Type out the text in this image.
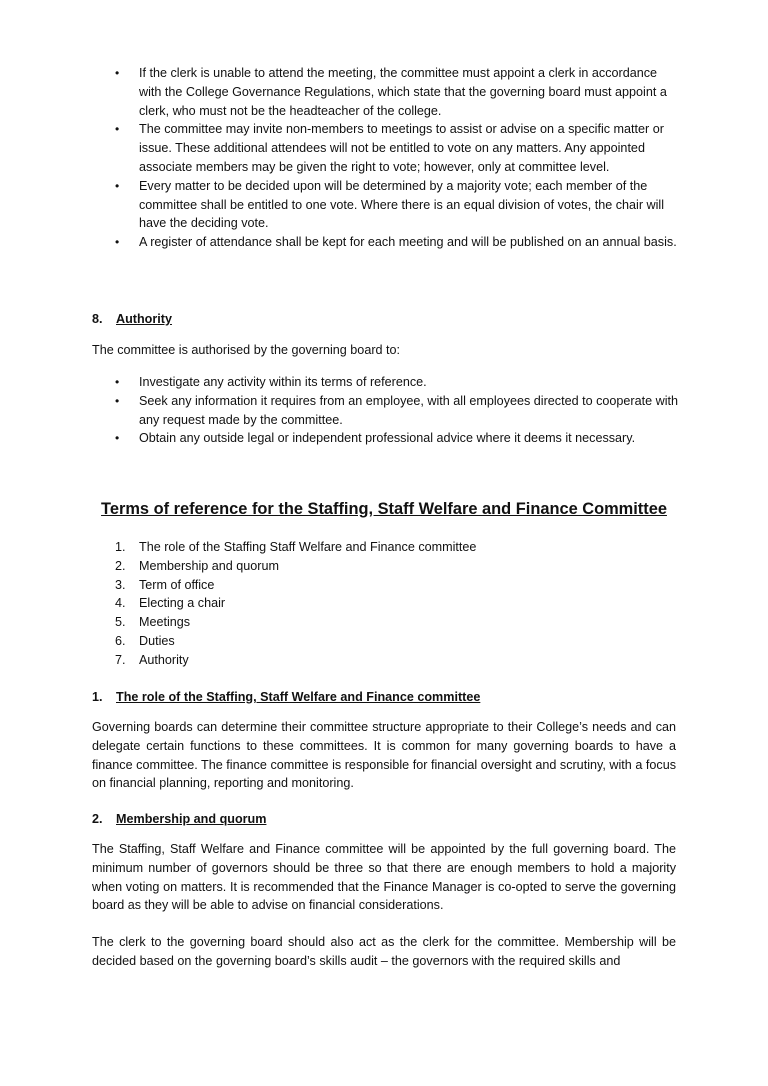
• If the clerk is unable to attend the meeting, the committee must appoint a clerk in accordance with the College Governance Regulations, which state that the governing board must appoint a clerk, who must not be the headteacher of the college.
• The committee may invite non-members to meetings to assist or advise on a specific matter or issue. These additional attendees will not be entitled to vote on any matters. Any appointed associate members may be given the right to vote; however, only at committee level.
• Every matter to be decided upon will be determined by a majority vote; each member of the committee shall be entitled to one vote. Where there is an equal division of votes, the chair will have the deciding vote.
• A register of attendance shall be kept for each meeting and will be published on an annual basis.
8. Authority
The committee is authorised by the governing board to:
• Investigate any activity within its terms of reference.
• Seek any information it requires from an employee, with all employees directed to cooperate with any request made by the committee.
• Obtain any outside legal or independent professional advice where it deems it necessary.
Terms of reference for the Staffing, Staff Welfare and Finance Committee
1. The role of the Staffing Staff Welfare and Finance committee
2. Membership and quorum
3. Term of office
4. Electing a chair
5. Meetings
6. Duties
7. Authority
1. The role of the Staffing, Staff Welfare and Finance committee
Governing boards can determine their committee structure appropriate to their College’s needs and can delegate certain functions to these committees. It is common for many governing boards to have a finance committee. The finance committee is responsible for financial oversight and scrutiny, with a focus on financial planning, reporting and monitoring.
2. Membership and quorum
The Staffing, Staff Welfare and Finance committee will be appointed by the full governing board. The minimum number of governors should be three so that there are enough members to hold a majority when voting on matters. It is recommended that the Finance Manager is co-opted to serve the governing board as they will be able to advise on financial considerations.
The clerk to the governing board should also act as the clerk for the committee. Membership will be decided based on the governing board’s skills audit – the governors with the required skills and
